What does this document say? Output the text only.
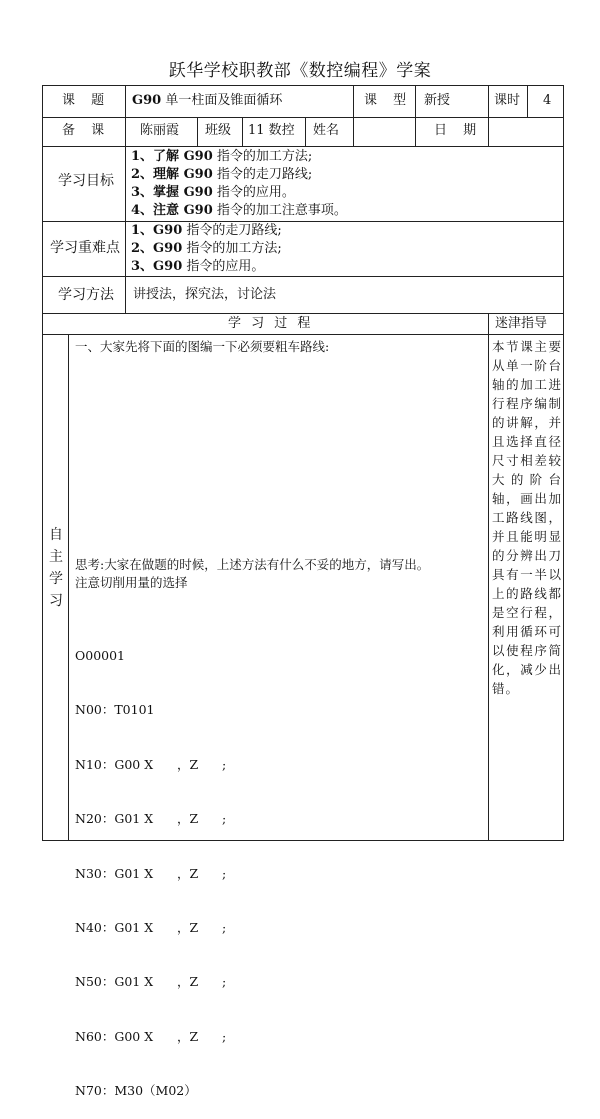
跃华学校职教部《数控编程》学案
课 题 G90 单一柱面及锥面循环	课 型 新授	课时 4
备 课 陈丽霞 班级 11 数控 姓名	日 期
学习目标
1、了解 G90 指令的加工方法;
2、理解 G90 指令的走刀路线;
3、掌握 G90 指令的应用。
4、注意 G90 指令的加工注意事项。
学习重难点
1、G90 指令的走刀路线;
2、G90 指令的加工方法;
3、G90 指令的应用。
学习方法 讲授法，探究法，讨论法
学 习 过 程	迷津指导
自
主
学
习
一、大家先将下面的图编一下必须要粗车路线:
思考:大家在做题的时候，上述方法有什么不妥的地方，请写出。
注意切削用量的选择

O00001

N00：T0101

N10：G00 X      ，Z      ;

N20：G01 X      ，Z      ;

N30：G01 X      ，Z      ;

N40：G01 X      ，Z      ;

N50：G01 X      ，Z      ;

N60：G00 X      ，Z      ;

N70：M30（M02）

本节课主要从单一阶台轴的加工进行程序编制的讲解，并且选择直径尺寸相差较大的阶台轴，画出加工路线图，并且能明显的分辨出刀具有一半以上的路线都是空行程，利用循环可以使程序简化，减少出错。
